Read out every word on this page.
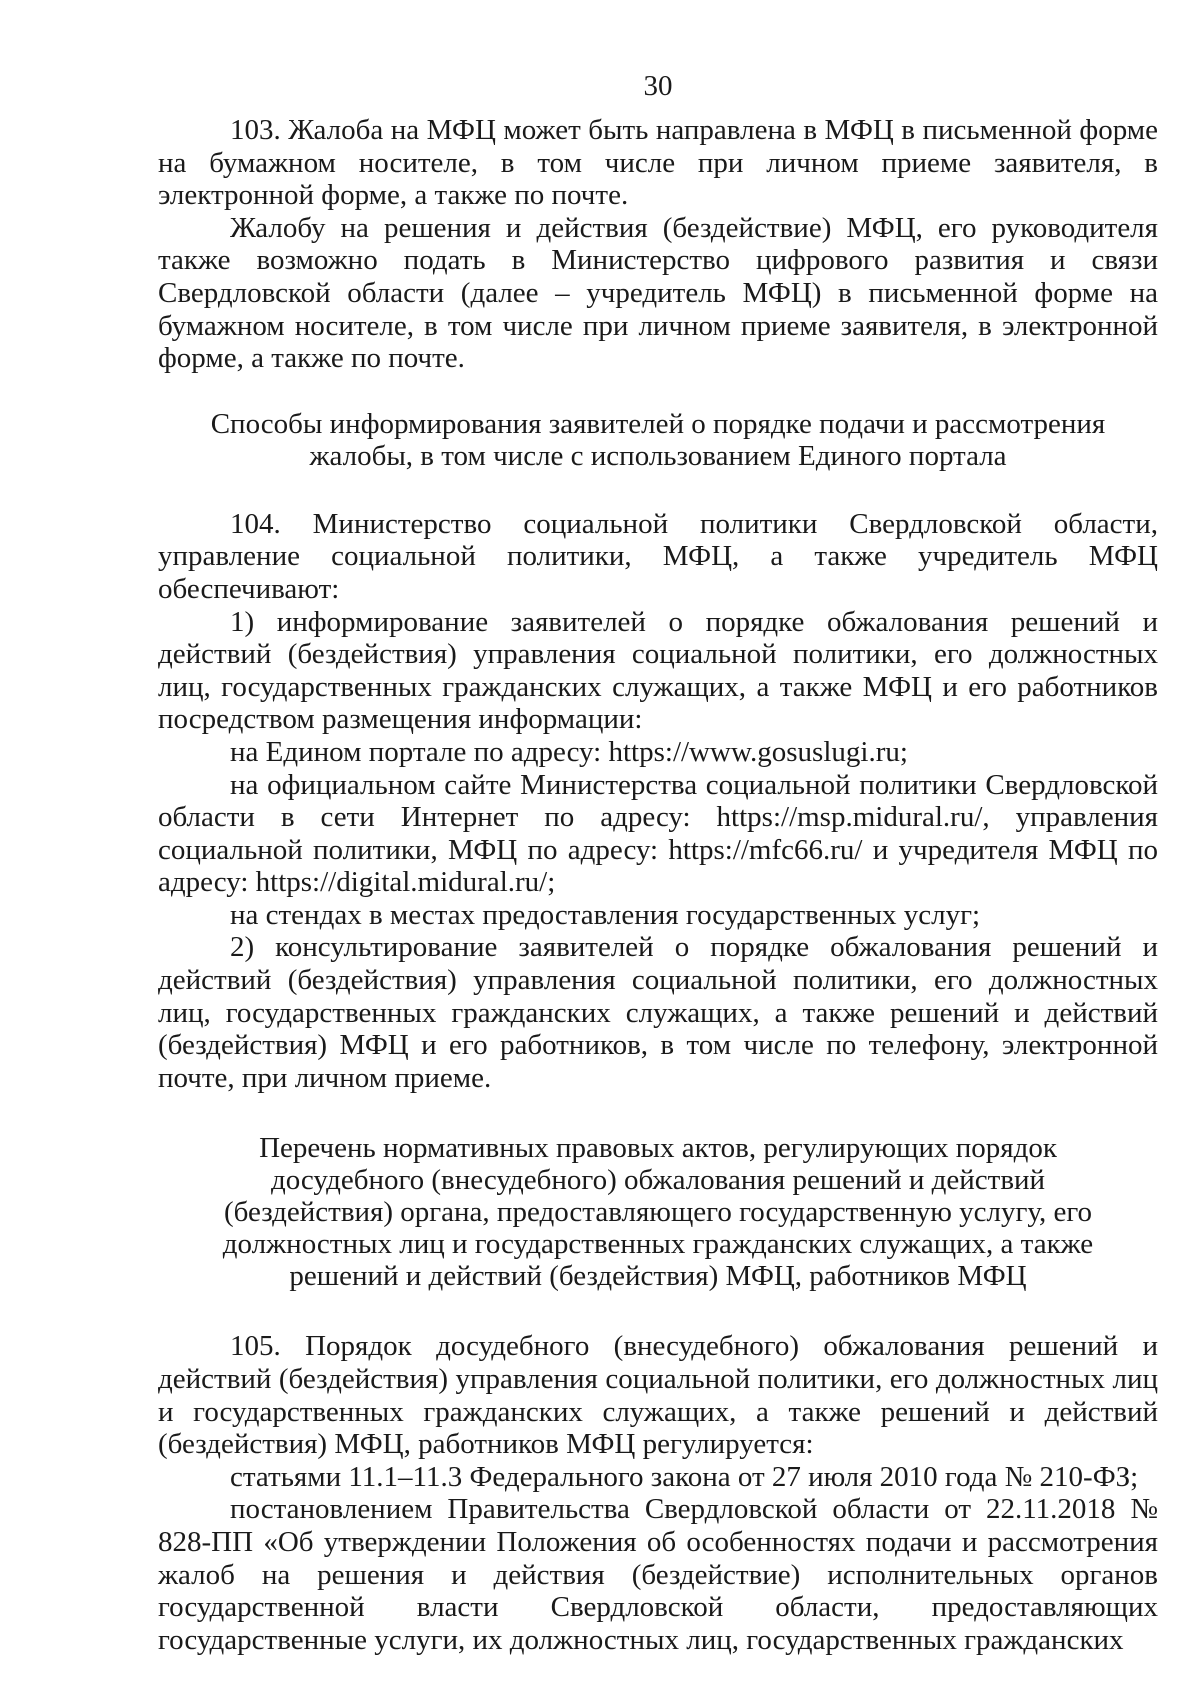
30

103. Жалоба на МФЦ может быть направлена в МФЦ в письменной форме на бумажном носителе, в том числе при личном приеме заявителя, в электронной форме, а также по почте.

Жалобу на решения и действия (бездействие) МФЦ, его руководителя также возможно подать в Министерство цифрового развития и связи Свердловской области (далее – учредитель МФЦ) в письменной форме на бумажном носителе, в том числе при личном приеме заявителя, в электронной форме, а также по почте.

Способы информирования заявителей о порядке подачи и рассмотрения жалобы, в том числе с использованием Единого портала

104. Министерство социальной политики Свердловской области, управление социальной политики, МФЦ, а также учредитель МФЦ обеспечивают:

1) информирование заявителей о порядке обжалования решений и действий (бездействия) управления социальной политики, его должностных лиц, государственных гражданских служащих, а также МФЦ и его работников посредством размещения информации:

на Едином портале по адресу: https://www.gosuslugi.ru;

на официальном сайте Министерства социальной политики Свердловской области в сети Интернет по адресу: https://msp.midural.ru/, управления социальной политики, МФЦ по адресу: https://mfc66.ru/ и учредителя МФЦ по адресу: https://digital.midural.ru/;

на стендах в местах предоставления государственных услуг;

2) консультирование заявителей о порядке обжалования решений и действий (бездействия) управления социальной политики, его должностных лиц, государственных гражданских служащих, а также решений и действий (бездействия) МФЦ и его работников, в том числе по телефону, электронной почте, при личном приеме.

Перечень нормативных правовых актов, регулирующих порядок досудебного (внесудебного) обжалования решений и действий (бездействия) органа, предоставляющего государственную услугу, его должностных лиц и государственных гражданских служащих, а также решений и действий (бездействия) МФЦ, работников МФЦ

105. Порядок досудебного (внесудебного) обжалования решений и действий (бездействия) управления социальной политики, его должностных лиц и государственных гражданских служащих, а также решений и действий (бездействия) МФЦ, работников МФЦ регулируется:

статьями 11.1–11.3 Федерального закона от 27 июля 2010 года № 210-ФЗ;

постановлением Правительства Свердловской области от 22.11.2018 № 828-ПП «Об утверждении Положения об особенностях подачи и рассмотрения жалоб на решения и действия (бездействие) исполнительных органов государственной власти Свердловской области, предоставляющих государственные услуги, их должностных лиц, государственных гражданских
